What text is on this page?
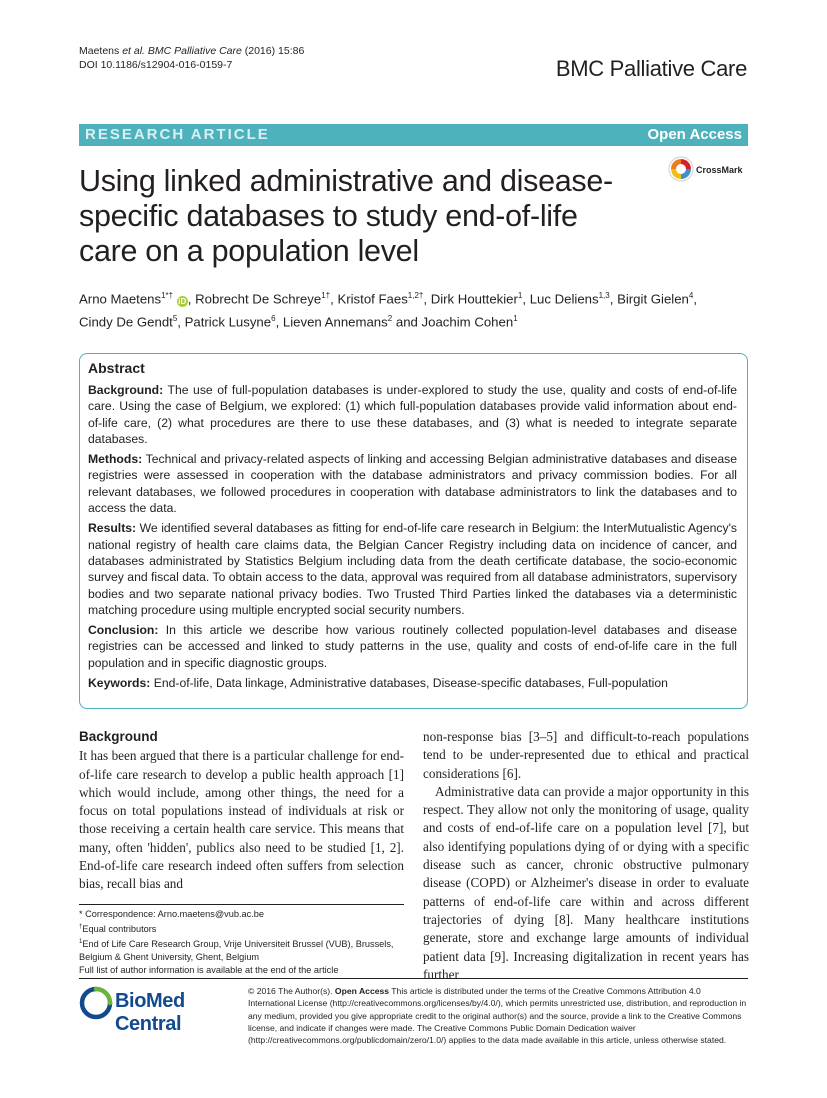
Maetens et al. BMC Palliative Care (2016) 15:86
DOI 10.1186/s12904-016-0159-7	BMC Palliative Care
RESEARCH ARTICLE	Open Access
Using linked administrative and disease-specific databases to study end-of-life care on a population level
CrossMark
Arno Maetens$^{1*\dagger}$ iD , Robrecht De Schreye$^{1\dagger}$, Kristof Faes$^{1,2\dagger}$, Dirk Houttekier$^1$, Luc Deliens$^{1,3}$, Birgit Gielen$^4$,
Cindy De Gendt$^5$, Patrick Lusyne$^6$, Lieven Annemans$^2$ and Joachim Cohen$^1$
Abstract

Background: The use of full-population databases is under-explored to study the use, quality and costs of end-of-life care. Using the case of Belgium, we explored: (1) which full-population databases provide valid information about end-of-life care, (2) what procedures are there to use these databases, and (3) what is needed to integrate separate databases.

Methods: Technical and privacy-related aspects of linking and accessing Belgian administrative databases and disease registries were assessed in cooperation with the database administrators and privacy commission bodies. For all relevant databases, we followed procedures in cooperation with database administrators to link the databases and to access the data.

Results: We identified several databases as fitting for end-of-life care research in Belgium: the InterMutualistic Agency's national registry of health care claims data, the Belgian Cancer Registry including data on incidence of cancer, and databases administrated by Statistics Belgium including data from the death certificate database, the socio-economic survey and fiscal data. To obtain access to the data, approval was required from all database administrators, supervisory bodies and two separate national privacy bodies. Two Trusted Third Parties linked the databases via a deterministic matching procedure using multiple encrypted social security numbers.

Conclusion: In this article we describe how various routinely collected population-level databases and disease registries can be accessed and linked to study patterns in the use, quality and costs of end-of-life care in the full population and in specific diagnostic groups.

Keywords: End-of-life, Data linkage, Administrative databases, Disease-specific databases, Full-population

Background

It has been argued that there is a particular challenge for end-of-life care research to develop a public health approach [1] which would include, among other things, the need for a focus on total populations instead of individuals at risk or those receiving a certain health care service. This means that many, often 'hidden', publics also need to be studied [1, 2]. End-of-life care research indeed often suffers from selection bias, recall bias and

non-response bias [3–5] and difficult-to-reach populations tend to be under-represented due to ethical and practical considerations [6].

Administrative data can provide a major opportunity in this respect. They allow not only the monitoring of usage, quality and costs of end-of-life care on a population level [7], but also identifying populations dying of or dying with a specific disease such as cancer, chronic obstructive pulmonary disease (COPD) or Alzheimer's disease in order to evaluate patterns of end-of-life care within and across different trajectories of dying [8]. Many healthcare institutions generate, store and exchange large amounts of individual patient data [9]. Increasing digitalization in recent years has further

* Correspondence: Arno.maetens@vub.ac.be
†Equal contributors
$^1$End of Life Care Research Group, Vrije Universiteit Brussel (VUB), Brussels, Belgium & Ghent University, Ghent, Belgium
Full list of author information is available at the end of the article
BioMed Central
© 2016 The Author(s). Open Access This article is distributed under the terms of the Creative Commons Attribution 4.0 International License (http://creativecommons.org/licenses/by/4.0/), which permits unrestricted use, distribution, and reproduction in any medium, provided you give appropriate credit to the original author(s) and the source, provide a link to the Creative Commons license, and indicate if changes were made. The Creative Commons Public Domain Dedication waiver (http://creativecommons.org/publicdomain/zero/1.0/) applies to the data made available in this article, unless otherwise stated.
